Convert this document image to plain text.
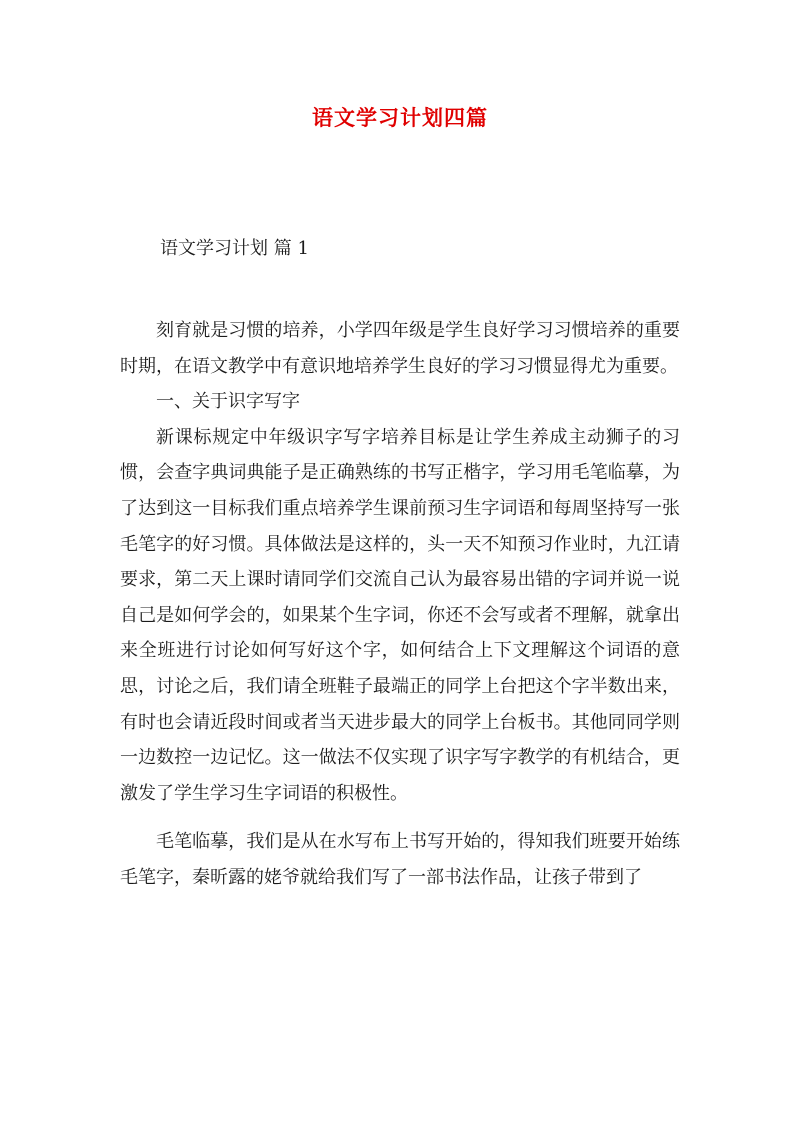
语文学习计划四篇
语文学习计划 篇 1

刻育就是习惯的培养，小学四年级是学生良好学习习惯培养的重要时期，在语文教学中有意识地培养学生良好的学习习惯显得尤为重要。

一、关于识字写字

新课标规定中年级识字写字培养目标是让学生养成主动狮子的习惯，会查字典词典能子是正确熟练的书写正楷字，学习用毛笔临摹，为了达到这一目标我们重点培养学生课前预习生字词语和每周坚持写一张毛笔字的好习惯。具体做法是这样的，头一天不知预习作业时，九江请要求，第二天上课时请同学们交流自己认为最容易出错的字词并说一说自己是如何学会的，如果某个生字词，你还不会写或者不理解，就拿出来全班进行讨论如何写好这个字，如何结合上下文理解这个词语的意思，讨论之后，我们请全班鞋子最端正的同学上台把这个字半数出来，有时也会请近段时间或者当天进步最大的同学上台板书。其他同同学则一边数控一边记忆。这一做法不仅实现了识字写字教学的有机结合，更激发了学生学习生字词语的积极性。

毛笔临摹，我们是从在水写布上书写开始的，得知我们班要开始练毛笔字，秦昕露的姥爷就给我们写了一部书法作品，让孩子带到了
